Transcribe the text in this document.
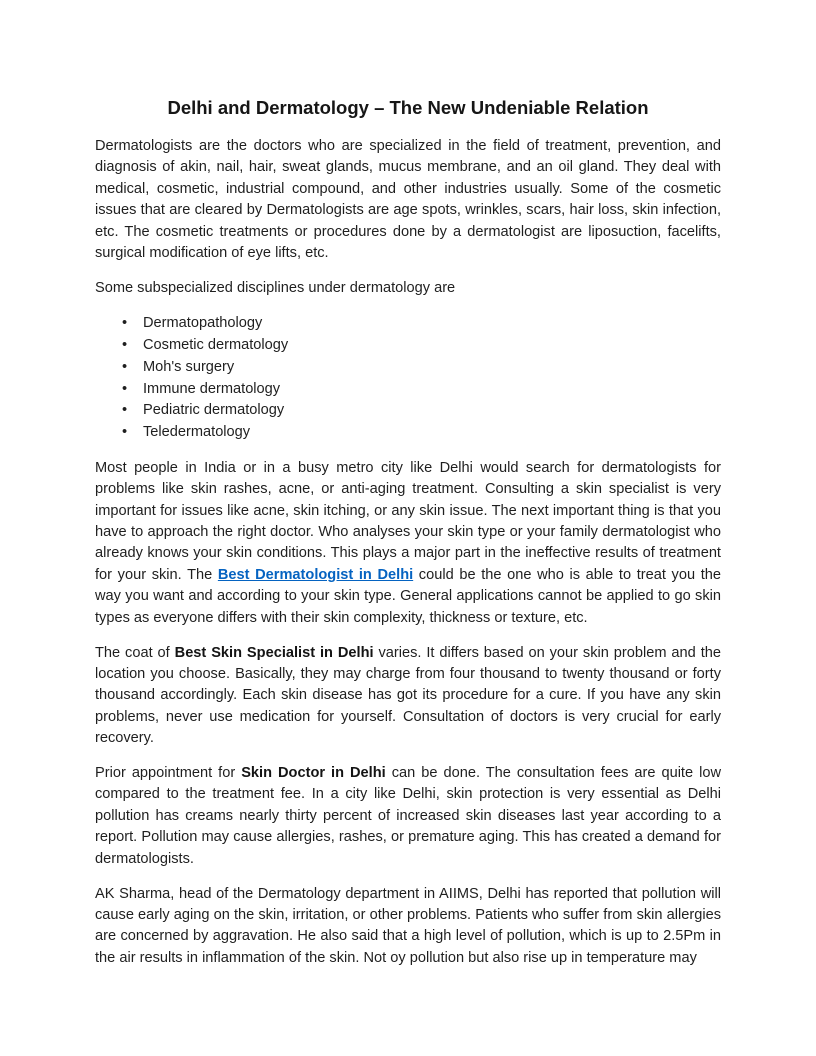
Delhi and Dermatology – The New Undeniable Relation

Dermatologists are the doctors who are specialized in the field of treatment, prevention, and diagnosis of akin, nail, hair, sweat glands, mucus membrane, and an oil gland. They deal with medical, cosmetic, industrial compound, and other industries usually. Some of the cosmetic issues that are cleared by Dermatologists are age spots, wrinkles, scars, hair loss, skin infection, etc. The cosmetic treatments or procedures done by a dermatologist are liposuction, facelifts, surgical modification of eye lifts, etc.

Some subspecialized disciplines under dermatology are

• Dermatopathology
• Cosmetic dermatology
• Moh's surgery
• Immune dermatology
• Pediatric dermatology
• Teledermatology

Most people in India or in a busy metro city like Delhi would search for dermatologists for problems like skin rashes, acne, or anti-aging treatment. Consulting a skin specialist is very important for issues like acne, skin itching, or any skin issue. The next important thing is that you have to approach the right doctor. Who analyses your skin type or your family dermatologist who already knows your skin conditions. This plays a major part in the ineffective results of treatment for your skin. The Best Dermatologist in Delhi could be the one who is able to treat you the way you want and according to your skin type. General applications cannot be applied to go skin types as everyone differs with their skin complexity, thickness or texture, etc.

The coat of Best Skin Specialist in Delhi varies. It differs based on your skin problem and the location you choose. Basically, they may charge from four thousand to twenty thousand or forty thousand accordingly. Each skin disease has got its procedure for a cure. If you have any skin problems, never use medication for yourself. Consultation of doctors is very crucial for early recovery.

Prior appointment for Skin Doctor in Delhi can be done. The consultation fees are quite low compared to the treatment fee. In a city like Delhi, skin protection is very essential as Delhi pollution has creams nearly thirty percent of increased skin diseases last year according to a report. Pollution may cause allergies, rashes, or premature aging. This has created a demand for dermatologists.

AK Sharma, head of the Dermatology department in AIIMS, Delhi has reported that pollution will cause early aging on the skin, irritation, or other problems. Patients who suffer from skin allergies are concerned by aggravation. He also said that a high level of pollution, which is up to 2.5Pm in the air results in inflammation of the skin. Not oy pollution but also rise up in temperature may
